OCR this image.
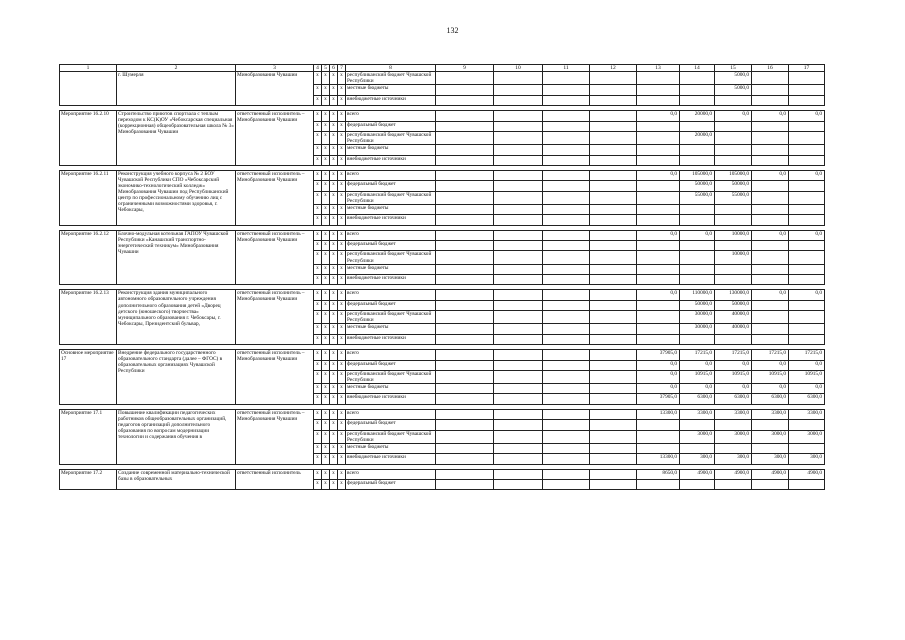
132
1	2	3	4	5	6	7	8	9	10	11	12	13	14	15	16	17
	г. Шумерля	Минобразования Чувашии	x	x	x	x	республиканский бюджет Чувашской Республики							5000,0		
			x	x	x	x	местные бюджеты							5000,0		
			x	x	x	x	внебюджетные источники									

Мероприятие 16.2.10	Строительство приютов спортзала с теплым переходом к КС(К)ОУ «Чебоксарская специальная (коррекционная) общеобразовательная школа № 3» Минобразования Чувашии	ответственный исполнитель – Минобразования Чувашии	x	x	x	x	всего					0,0	20000,0	0,0	0,0	0,0
			x	x	x	x	федеральный бюджет									
			x	x	x	x	республиканский бюджет Чувашской Республики						20000,0			
			x	x	x	x	местные бюджеты									
			x	x	x	x	внебюджетные источники									

Мероприятие 16.2.11	Реконструкция учебного корпуса № 2 БОУ Чувашской Республики СПО «Чебоксарский экономико-технологический колледж» Минобразования Чувашии под Республиканский центр по профессиональному обучению лиц с ограниченными возможностями здоровья, г. Чебоксары,	ответственный исполнитель – Минобразования Чувашии	x	x	x	x	всего					0,0	105000,0	105000,0	0,0	0,0
			x	x	x	x	федеральный бюджет						50000,0	50000,0		
			x	x	x	x	республиканский бюджет Чувашской Республики						55000,0	55000,0		
			x	x	x	x	местные бюджеты									
			x	x	x	x	внебюджетные источники									

Мероприятие 16.2.12	Блочно-модульная котельная ГАПОУ Чувашской Республики «Канашский транспортно-энергетический техникум» Минобразования Чувашии	ответственный исполнитель – Минобразования Чувашии	x	x	x	x	всего					0,0	0,0	10000,0	0,0	0,0
			x	x	x	x	федеральный бюджет									
			x	x	x	x	республиканский бюджет Чувашской Республики							10000,0		
			x	x	x	x	местные бюджеты									
			x	x	x	x	внебюджетные источники									

Мероприятие 16.2.13	Реконструкция здания муниципального автономного образовательного учреждения дополнительного образования детей «Дворец детского (юношеского) творчества» муниципального образования г. Чебоксары, г. Чебоксары, Президентский бульвар,	ответственный исполнитель – Минобразования Чувашии	x	x	x	x	всего					0,0	110000,0	130000,0	0,0	0,0
			x	x	x	x	федеральный бюджет						50000,0	50000,0		
			x	x	x	x	республиканский бюджет Чувашской Республики						30000,0	40000,0		
			x	x	x	x	местные бюджеты						30000,0	40000,0		
			x	x	x	x	внебюджетные источники									

Основное мероприятие 17	Внедрение федерального государственного образовательного стандарта (далее – ФГОС) в образовательных организациях Чувашской Республики	ответственный исполнитель – Минобразования Чувашии	x	x	x	x	всего					37905,0	17215,0	17215,0	17215,0	17215,0
			x	x	x	x	федеральный бюджет					0,0	0,0	0,0	0,0	0,0
			x	x	x	x	республиканский бюджет Чувашской Республики					0,0	10915,0	10915,0	10915,0	10915,0
			x	x	x	x	местные бюджеты					0,0	0,0	0,0	0,0	0,0
			x	x	x	x	внебюджетные источники					37905,0	6300,0	6300,0	6300,0	6300,0

Мероприятие 17.1	Повышение квалификации педагогических работников общеобразовательных организаций, педагогов организаций дополнительного образования по вопросам модернизации технологии и содержания обучения в	ответственный исполнитель – Минобразования Чувашии	x	x	x	x	всего					13300,0	3300,0	3300,0	3300,0	3300,0
			x	x	x	x	федеральный бюджет									
			x	x	x	x	республиканский бюджет Чувашской Республики						3000,0	3000,0	3000,0	3000,0
			x	x	x	x	местные бюджеты									
			x	x	x	x	внебюджетные источники					13300,0	300,0	300,0	300,0	300,0

Мероприятие 17.2	Создание современной материально-технической базы в образовательных	ответственный исполнитель	x	x	x	x	всего					8650,0	4900,0	4900,0	4900,0	4900,0
			x	x	x	x	федеральный бюджет									
